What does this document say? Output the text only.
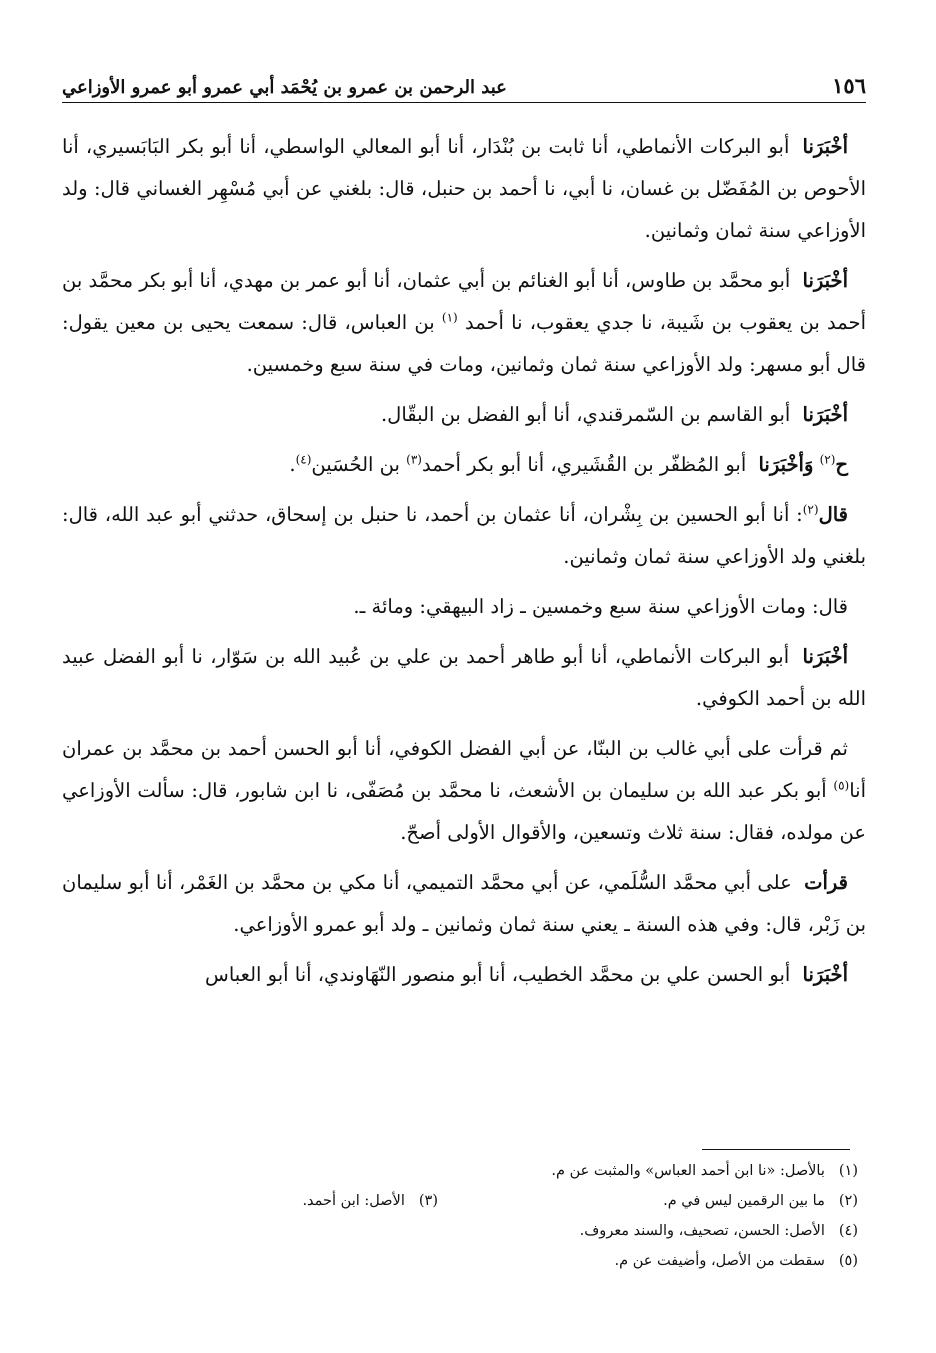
١٥٦
عبد الرحمن بن عمرو بن يُحْمَد أبي عمرو أبو عمرو الأوزاعي

أخْبَرَنا أبو البركات الأنماطي، أنا ثابت بن بُنْدَار، أنا أبو المعالي الواسطي، أنا أبو بكر البَابَسيري، أنا الأحوص بن المُفَضّل بن غسان، نا أبي، نا أحمد بن حنبل، قال: بلغني عن أبي مُسْهِر الغساني قال: ولد الأوزاعي سنة ثمان وثمانين.

أخْبَرَنا أبو محمَّد بن طاوس، أنا أبو الغنائم بن أبي عثمان، أنا أبو عمر بن مهدي، أنا أبو بكر محمَّد بن أحمد بن يعقوب بن شَيبة، نا جدي يعقوب، نا أحمد $^{(١)}$ بن العباس، قال: سمعت يحيى بن معين يقول: قال أبو مسهر: ولد الأوزاعي سنة ثمان وثمانين، ومات في سنة سبع وخمسين.

أخْبَرَنا أبو القاسم بن السّمرقندي، أنا أبو الفضل بن البقّال.

ح$^{(٢)}$ وَأخْبَرَنا أبو المُظفّر بن القُشَيري، أنا أبو بكر أحمد$^{(٣)}$ بن الحُسَين$^{(٤)}$.

قال$^{(٢)}$: أنا أبو الحسين بن بِشْران، أنا عثمان بن أحمد، نا حنبل بن إسحاق، حدثني أبو عبد الله، قال: بلغني ولد الأوزاعي سنة ثمان وثمانين.

قال: ومات الأوزاعي سنة سبع وخمسين ـ زاد البيهقي: ومائة ـ.

أخْبَرَنا أبو البركات الأنماطي، أنا أبو طاهر أحمد بن علي بن عُبيد الله بن سَوّار، نا أبو الفضل عبيد الله بن أحمد الكوفي.

ثم قرأت على أبي غالب بن البنّا، عن أبي الفضل الكوفي، أنا أبو الحسن أحمد بن محمَّد بن عمران أنا$^{(٥)}$ أبو بكر عبد الله بن سليمان بن الأشعث، نا محمَّد بن مُصَفّى، نا ابن شابور، قال: سألت الأوزاعي عن مولده، فقال: سنة ثلاث وتسعين، والأقوال الأولى أصحّ.

قرأت على أبي محمَّد السُّلَمي، عن أبي محمَّد التميمي، أنا مكي بن محمَّد بن الغَمْر، أنا أبو سليمان بن زَبْر، قال: وفي هذه السنة ـ يعني سنة ثمان وثمانين ـ ولد أبو عمرو الأوزاعي.

أخْبَرَنا أبو الحسن علي بن محمَّد الخطيب، أنا أبو منصور النّهَاوندي، أنا أبو العباس

(١)
بالأصل: «نا ابن أحمد العباس» والمثبت عن م.
(٢)
ما بين الرقمين ليس في م.
(٣)
الأصل: ابن أحمد.
(٤)
الأصل: الحسن، تصحيف، والسند معروف.
(٥)
سقطت من الأصل، وأضيفت عن م.
